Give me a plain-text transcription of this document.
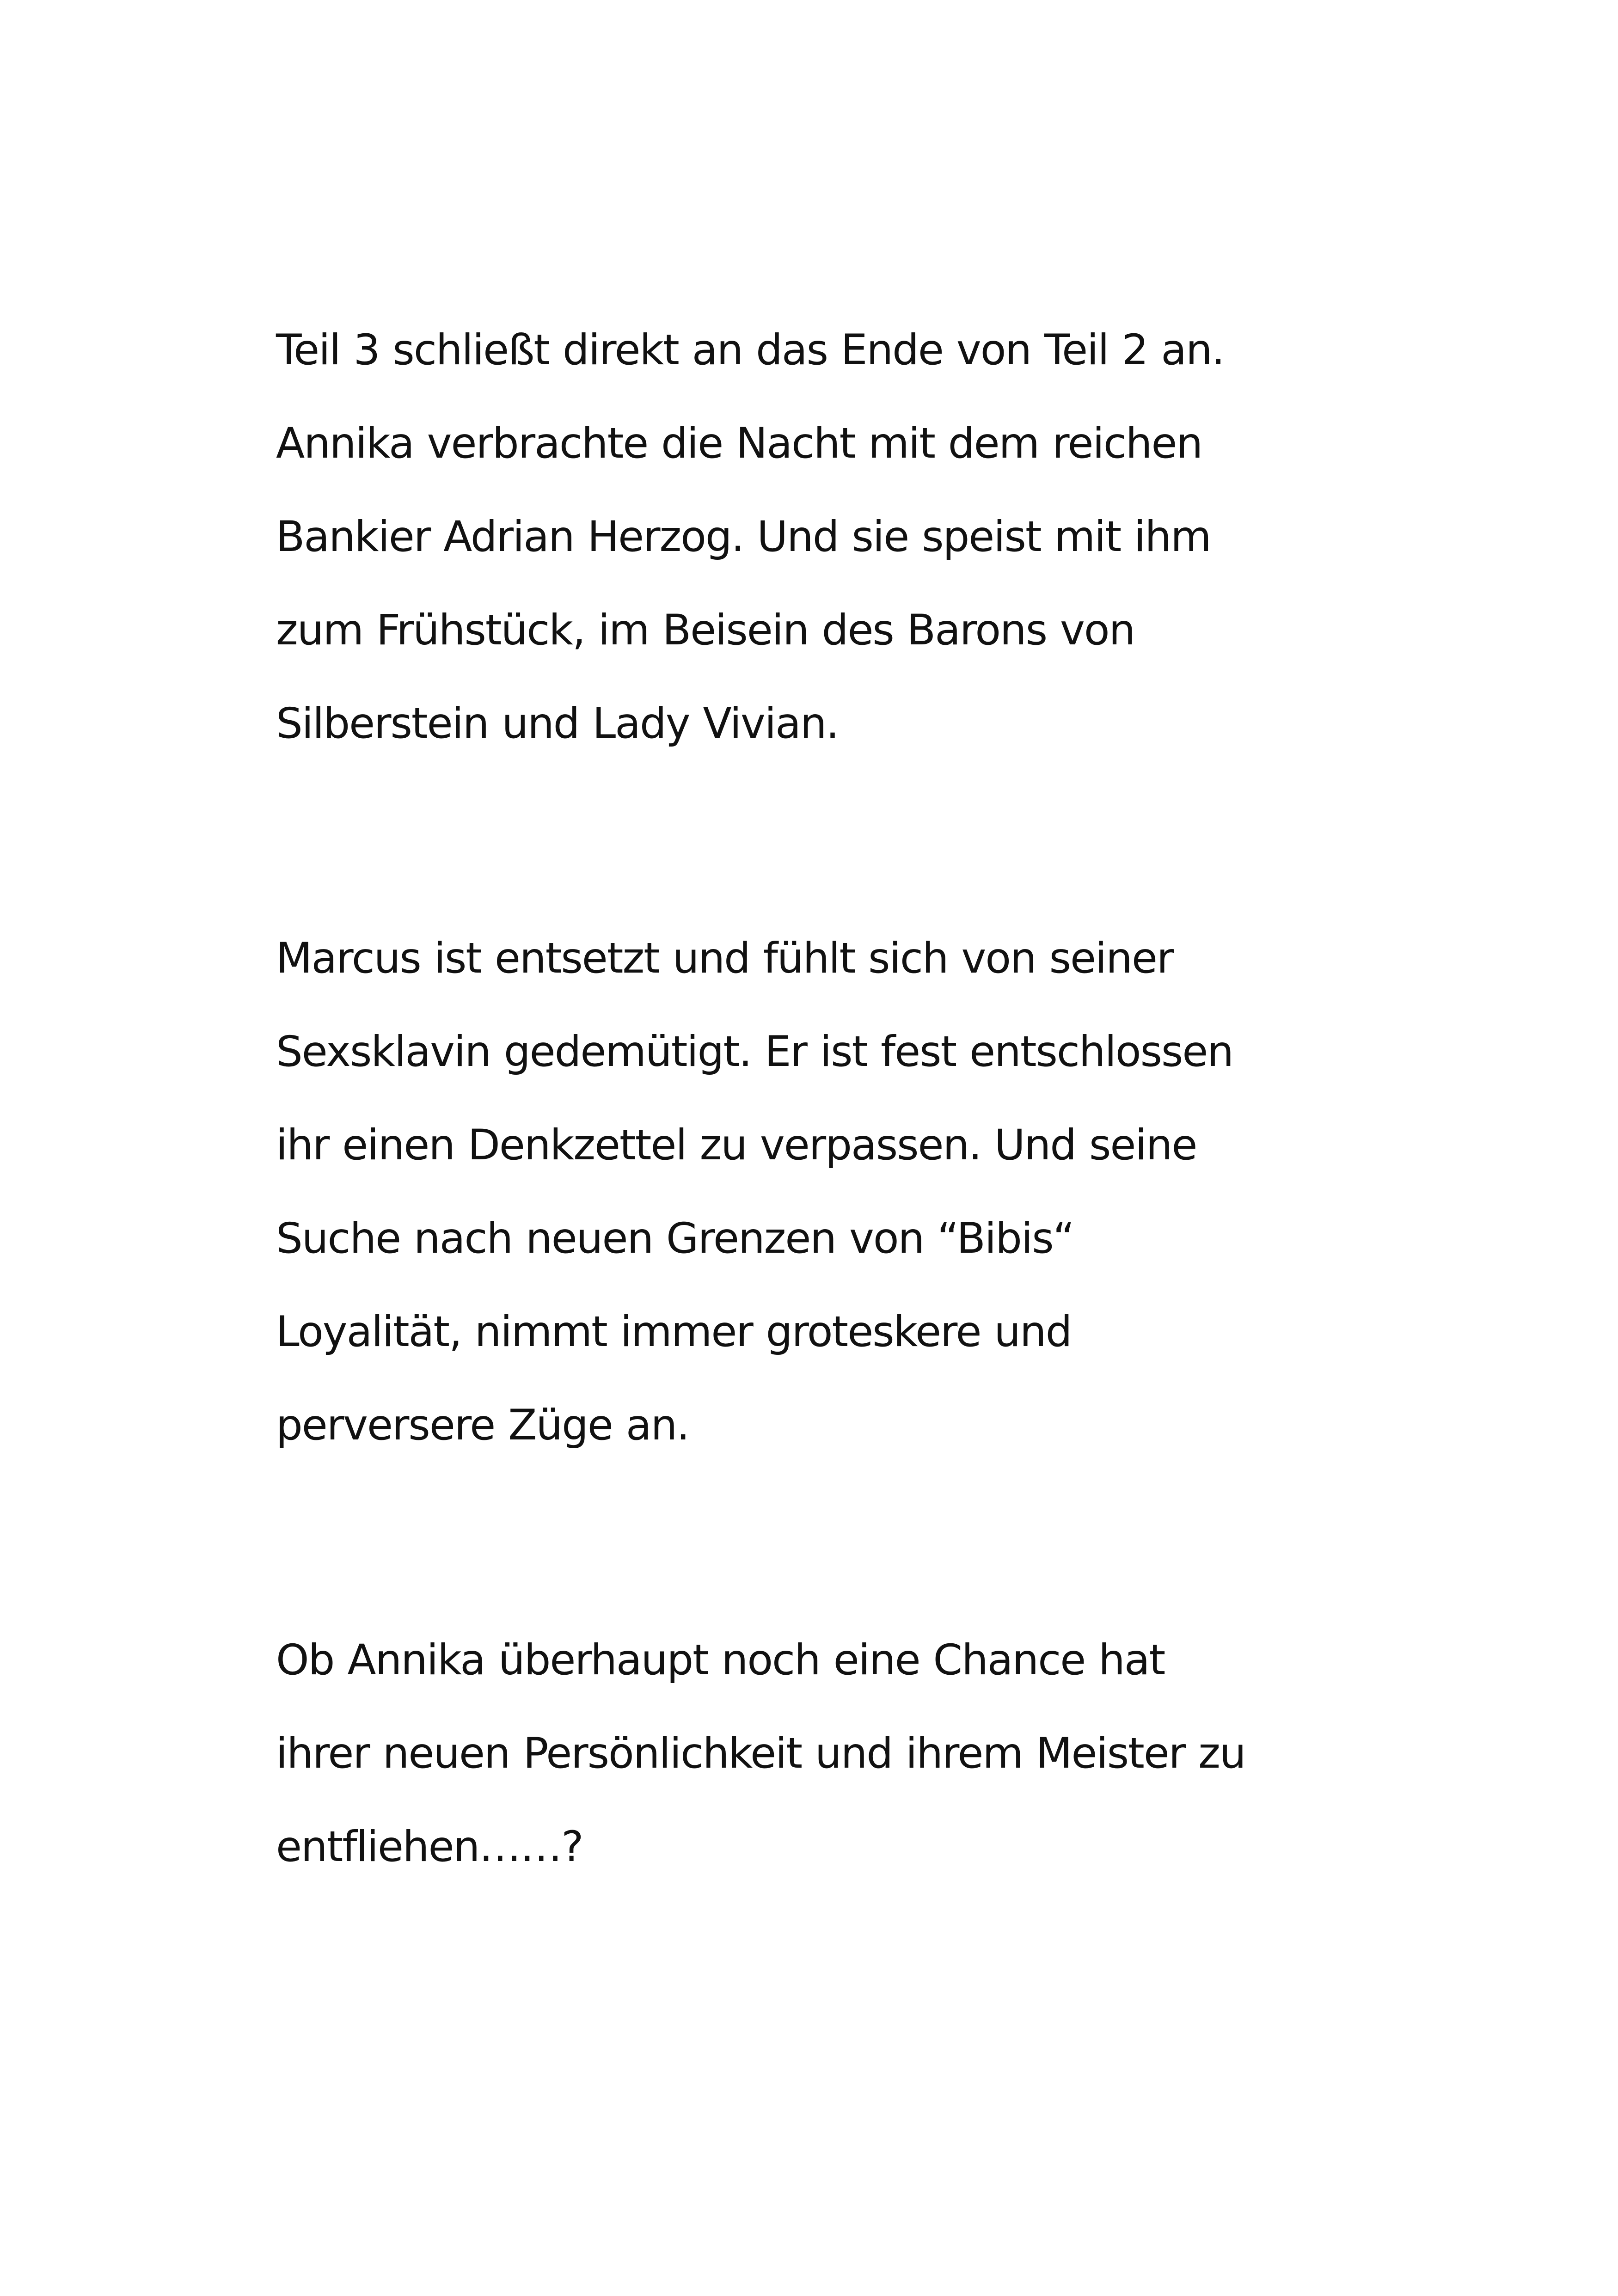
Teil 3 schließt direkt an das Ende von Teil 2 an.
Annika verbrachte die Nacht mit dem reichen
Bankier Adrian Herzog. Und sie speist mit ihm
zum Frühstück, im Beisein des Barons von
Silberstein und Lady Vivian.
Marcus ist entsetzt und fühlt sich von seiner
Sexsklavin gedemütigt. Er ist fest entschlossen
ihr einen Denkzettel zu verpassen. Und seine
Suche nach neuen Grenzen von “Bibis“
Loyalität, nimmt immer groteskere und
perversere Züge an.
Ob Annika überhaupt noch eine Chance hat
ihrer neuen Persönlichkeit und ihrem Meister zu
entfliehen……?
